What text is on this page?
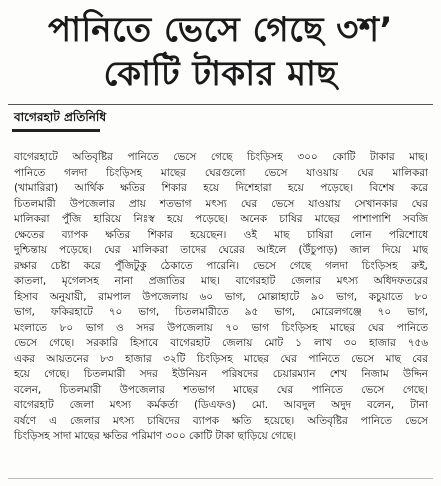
পানিতে ভেসে গেছে ৩শ’
কোটি টাকার মাছ
বাগেরহাট প্রতিনিধি
বাগেরহাটে অতিবৃষ্টির পানিতে ভেসে গেছে চিংড়িসহ ৩০০ কোটি টাকার মাছ।
পানিতে গলদা চিংড়িসহ মাছের ঘেরগুলো ভেসে যাওয়ায় ঘের মালিকরা
(খামারিরা) আর্থিক ক্ষতির শিকার হয়ে দিশেহারা হয়ে পড়েছে। বিশেষ করে
চিতলমারী উপজেলার প্রায় শতভাগ মৎস্য ঘের ভেসে যাওয়ায় সেখানকার ঘের
মালিকরা পুঁজি হারিয়ে নিঃস্ব হয়ে পড়েছে। অনেক চাষির মাছের পাশাপাশি সবজি
ক্ষেতের ব্যাপক ক্ষতির শিকার হয়েছেন। ওই মাছ চাষিরা লোন পরিশোধে
দুশ্চিন্তায় পড়েছে। ঘের মালিকরা তাদের ঘেরের আইলে (উঁচুপাড়) জাল দিয়ে মাছ
রক্ষার চেষ্টা করে পুঁজিটুকু ঠেকাতে পারেনি। ভেসে গেছে গলদা চিংড়িসহ রুই,
কাতলা, মৃগেলসহ নানা প্রজাতির মাছ। বাগেরহাট জেলার মৎস্য অধিদফতরের
হিসাব অনুযায়ী, রামপাল উপজেলায় ৬০ ভাগ, মোল্লাহাটে ৯০ ভাগ, কচুয়াতে ৮০
ভাগ, ফকিরহাটে ৭০ ভাগ, চিতলমারীতে ৯৫ ভাগ, মোরেলগঞ্জে ৭০ ভাগ,
মংলাতে ৮০ ভাগ ও সদর উপজেলায় ৭০ ভাগ চিংড়িসহ মাছের ঘের পানিতে
ভেসে গেছে। সরকারি হিসাবে বাগেরহাট জেলায় মোট ১ লাখ ৩০ হাজার ৭৫৬
একর আয়তনের ৮৩ হাজার ৩২টি চিংড়িসহ মাছের ঘের পানিতে ভেসে মাছ বের
হয়ে গেছে। চিতলমারী সদর ইউনিয়ন পরিষদের চেয়ারম্যান শেখ নিজাম উদ্দিন
বলেন, চিতলমারী উপজেলার শতভাগ মাছের ঘের পানিতে ভেসে গেছে।
বাগেরহাট জেলা মৎস্য কর্মকর্তা (ডিএফও) মো. আবদুল অদুদ বলেন, টানা
বর্ষণে এ জেলার মৎস্য চাষিদের ব্যাপক ক্ষতি হয়েছে। অতিবৃষ্টির পানিতে ভেসে
চিংড়িসহ সাদা মাছের ক্ষতির পরিমাণ ৩০০ কোটি টাকা ছাড়িয়ে গেছে।
